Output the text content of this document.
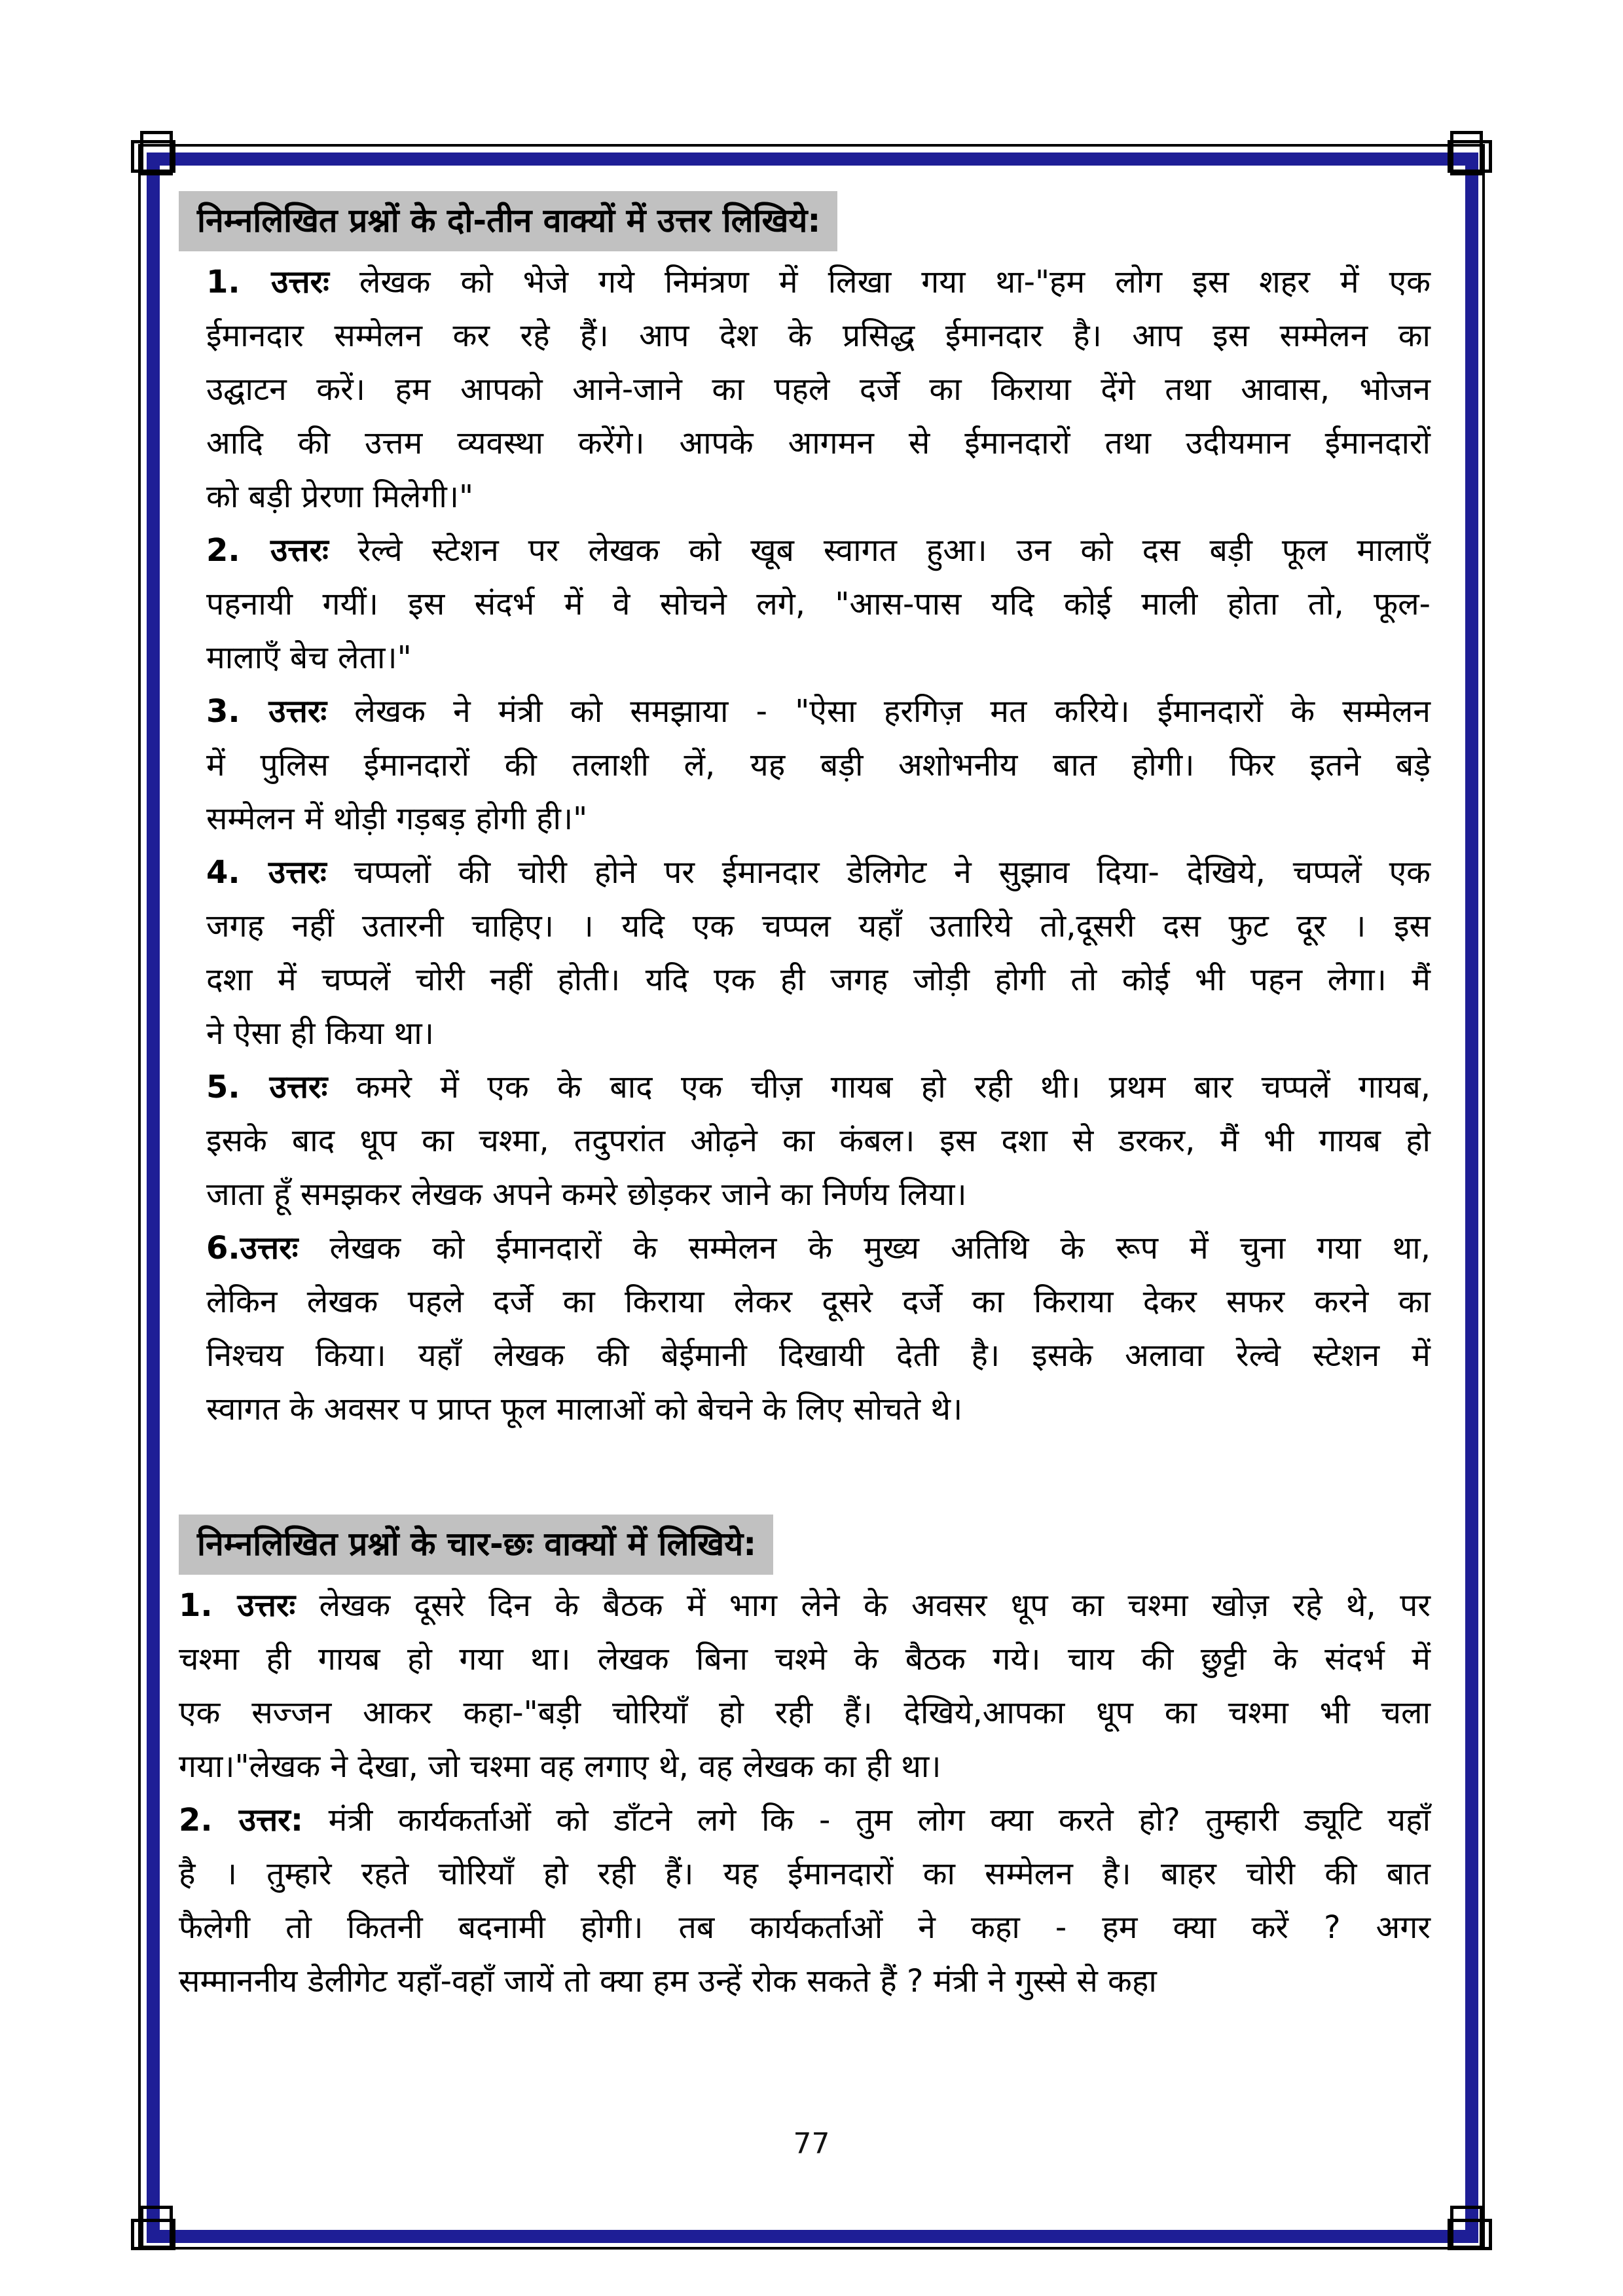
निम्नलिखित प्रश्नों के दो-तीन वाक्यों में उत्तर लिखिये:
1. उत्तरः लेखक को भेजे गये निमंत्रण में लिखा गया था-"हम लोग इस शहर में एक
ईमानदार सम्मेलन कर रहे हैं। आप देश के प्रसिद्ध ईमानदार है। आप इस सम्मेलन का
उद्घाटन करें। हम आपको आने-जाने का पहले दर्जे का किराया देंगे तथा आवास, भोजन
आदि की उत्तम व्यवस्था करेंगे। आपके आगमन से ईमानदारों तथा उदीयमान ईमानदारों
को बड़ी प्रेरणा मिलेगी।"
2. उत्तरः रेल्वे स्टेशन पर लेखक को खूब स्वागत हुआ। उन को दस बड़ी फूल मालाएँ
पहनायी गयीं। इस संदर्भ में वे सोचने लगे, "आस-पास यदि कोई माली होता तो, फूल-
मालाएँ बेच लेता।"
3. उत्तरः लेखक ने मंत्री को समझाया - "ऐसा हरगिज़ मत करिये। ईमानदारों के सम्मेलन
में पुलिस ईमानदारों की तलाशी लें, यह बड़ी अशोभनीय बात होगी। फिर इतने बड़े
सम्मेलन में थोड़ी गड़बड़ होगी ही।"
4. उत्तरः चप्पलों की चोरी होने पर ईमानदार डेलिगेट ने सुझाव दिया- देखिये, चप्पलें एक
जगह नहीं उतारनी चाहिए। । यदि एक चप्पल यहाँ उतारिये तो,दूसरी दस फुट दूर । इस
दशा में चप्पलें चोरी नहीं होती। यदि एक ही जगह जोड़ी होगी तो कोई भी पहन लेगा। मैं
ने ऐसा ही किया था।
5. उत्तरः कमरे में एक के बाद एक चीज़ गायब हो रही थी। प्रथम बार चप्पलें गायब,
इसके बाद धूप का चश्मा, तदुपरांत ओढ़ने का कंबल। इस दशा से डरकर, मैं भी गायब हो
जाता हूँ समझकर लेखक अपने कमरे छोड़कर जाने का निर्णय लिया।
6.उत्तरः लेखक को ईमानदारों के सम्मेलन के मुख्य अतिथि के रूप में चुना गया था,
लेकिन लेखक पहले दर्जे का किराया लेकर दूसरे दर्जे का किराया देकर सफर करने का
निश्चय किया। यहाँ लेखक की बेईमानी दिखायी देती है। इसके अलावा रेल्वे स्टेशन में
स्वागत के अवसर प प्राप्त फूल मालाओं को बेचने के लिए सोचते थे।
निम्नलिखित प्रश्नों के चार-छः वाक्यों में लिखिये:
1. उत्तरः लेखक दूसरे दिन के बैठक में भाग लेने के अवसर धूप का चश्मा खोज़ रहे थे, पर
चश्मा ही गायब हो गया था। लेखक बिना चश्मे के बैठक गये। चाय की छुट्टी के संदर्भ में
एक सज्जन आकर कहा-"बड़ी चोरियाँ हो रही हैं। देखिये,आपका धूप का चश्मा भी चला
गया।"लेखक ने देखा, जो चश्मा वह लगाए थे, वह लेखक का ही था।
2. उत्तर: मंत्री कार्यकर्ताओं को डाँटने लगे कि - तुम लोग क्या करते हो? तुम्हारी ड्यूटि यहाँ
है । तुम्हारे रहते चोरियाँ हो रही हैं। यह ईमानदारों का सम्मेलन है। बाहर चोरी की बात
फैलेगी तो कितनी बदनामी होगी। तब कार्यकर्ताओं ने कहा - हम क्या करें ? अगर
सम्माननीय डेलीगेट यहाँ-वहाँ जायें तो क्या हम उन्हें रोक सकते हैं ? मंत्री ने गुस्से से कहा
77
